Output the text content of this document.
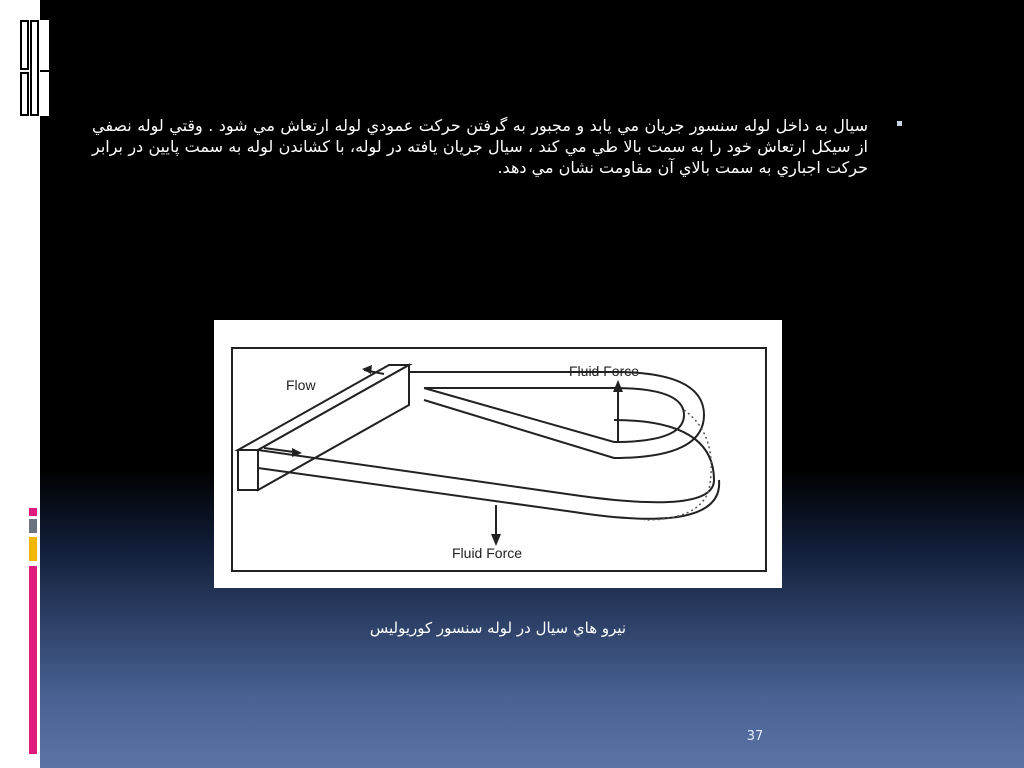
سيال به داخل لوله سنسور جريان مي يابد و مجبور به گرفتن حركت عمودي لوله ارتعاش مي شود . وقتي لوله نصفي از سيكل ارتعاش خود را به سمت بالا طي مي كند ، سيال جريان يافته در لوله، با كشاندن لوله به سمت پايين در برابر حركت اجباري به سمت بالاي آن مقاومت نشان مي دهد.
Flow
Fluid Force
Fluid Force
نيرو هاي سيال در لوله سنسور كوريوليس
37
